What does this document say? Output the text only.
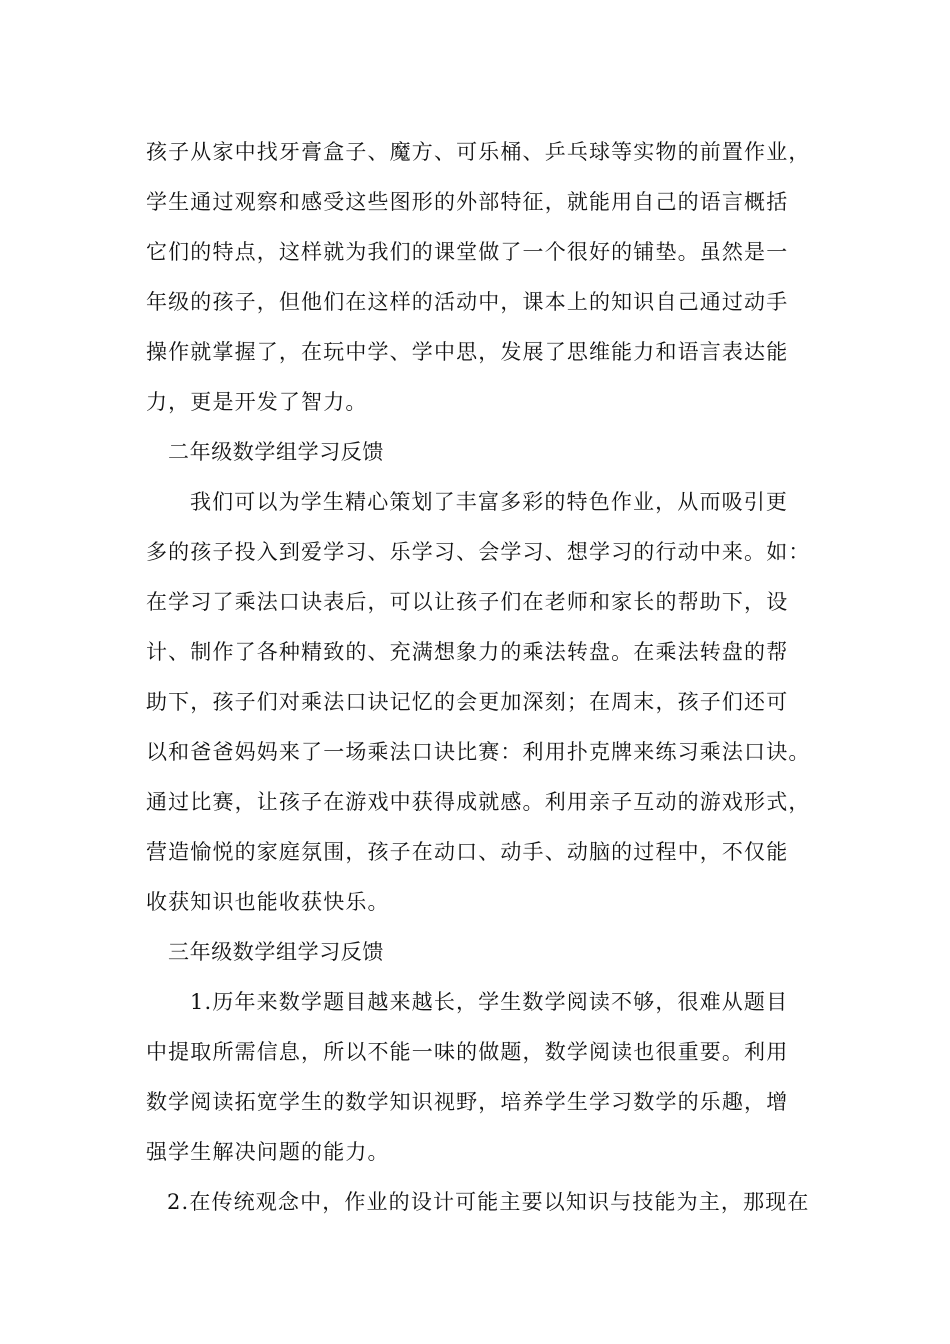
孩子从家中找牙膏盒子、魔方、可乐桶、乒乓球等实物的前置作业，
学生通过观察和感受这些图形的外部特征，就能用自己的语言概括
它们的特点，这样就为我们的课堂做了一个很好的铺垫。虽然是一
年级的孩子，但他们在这样的活动中，课本上的知识自己通过动手
操作就掌握了，在玩中学、学中思，发展了思维能力和语言表达能
力，更是开发了智力。
二年级数学组学习反馈
我们可以为学生精心策划了丰富多彩的特色作业，从而吸引更
多的孩子投入到爱学习、乐学习、会学习、想学习的行动中来。如：
在学习了乘法口诀表后，可以让孩子们在老师和家长的帮助下，设
计、制作了各种精致的、充满想象力的乘法转盘。在乘法转盘的帮
助下，孩子们对乘法口诀记忆的会更加深刻；在周末，孩子们还可
以和爸爸妈妈来了一场乘法口诀比赛：利用扑克牌来练习乘法口诀。
通过比赛，让孩子在游戏中获得成就感。利用亲子互动的游戏形式，
营造愉悦的家庭氛围，孩子在动口、动手、动脑的过程中，不仅能
收获知识也能收获快乐。
三年级数学组学习反馈
1.历年来数学题目越来越长，学生数学阅读不够，很难从题目
中提取所需信息，所以不能一味的做题，数学阅读也很重要。利用
数学阅读拓宽学生的数学知识视野，培养学生学习数学的乐趣，增
强学生解决问题的能力。
2.在传统观念中，作业的设计可能主要以知识与技能为主，那现在
